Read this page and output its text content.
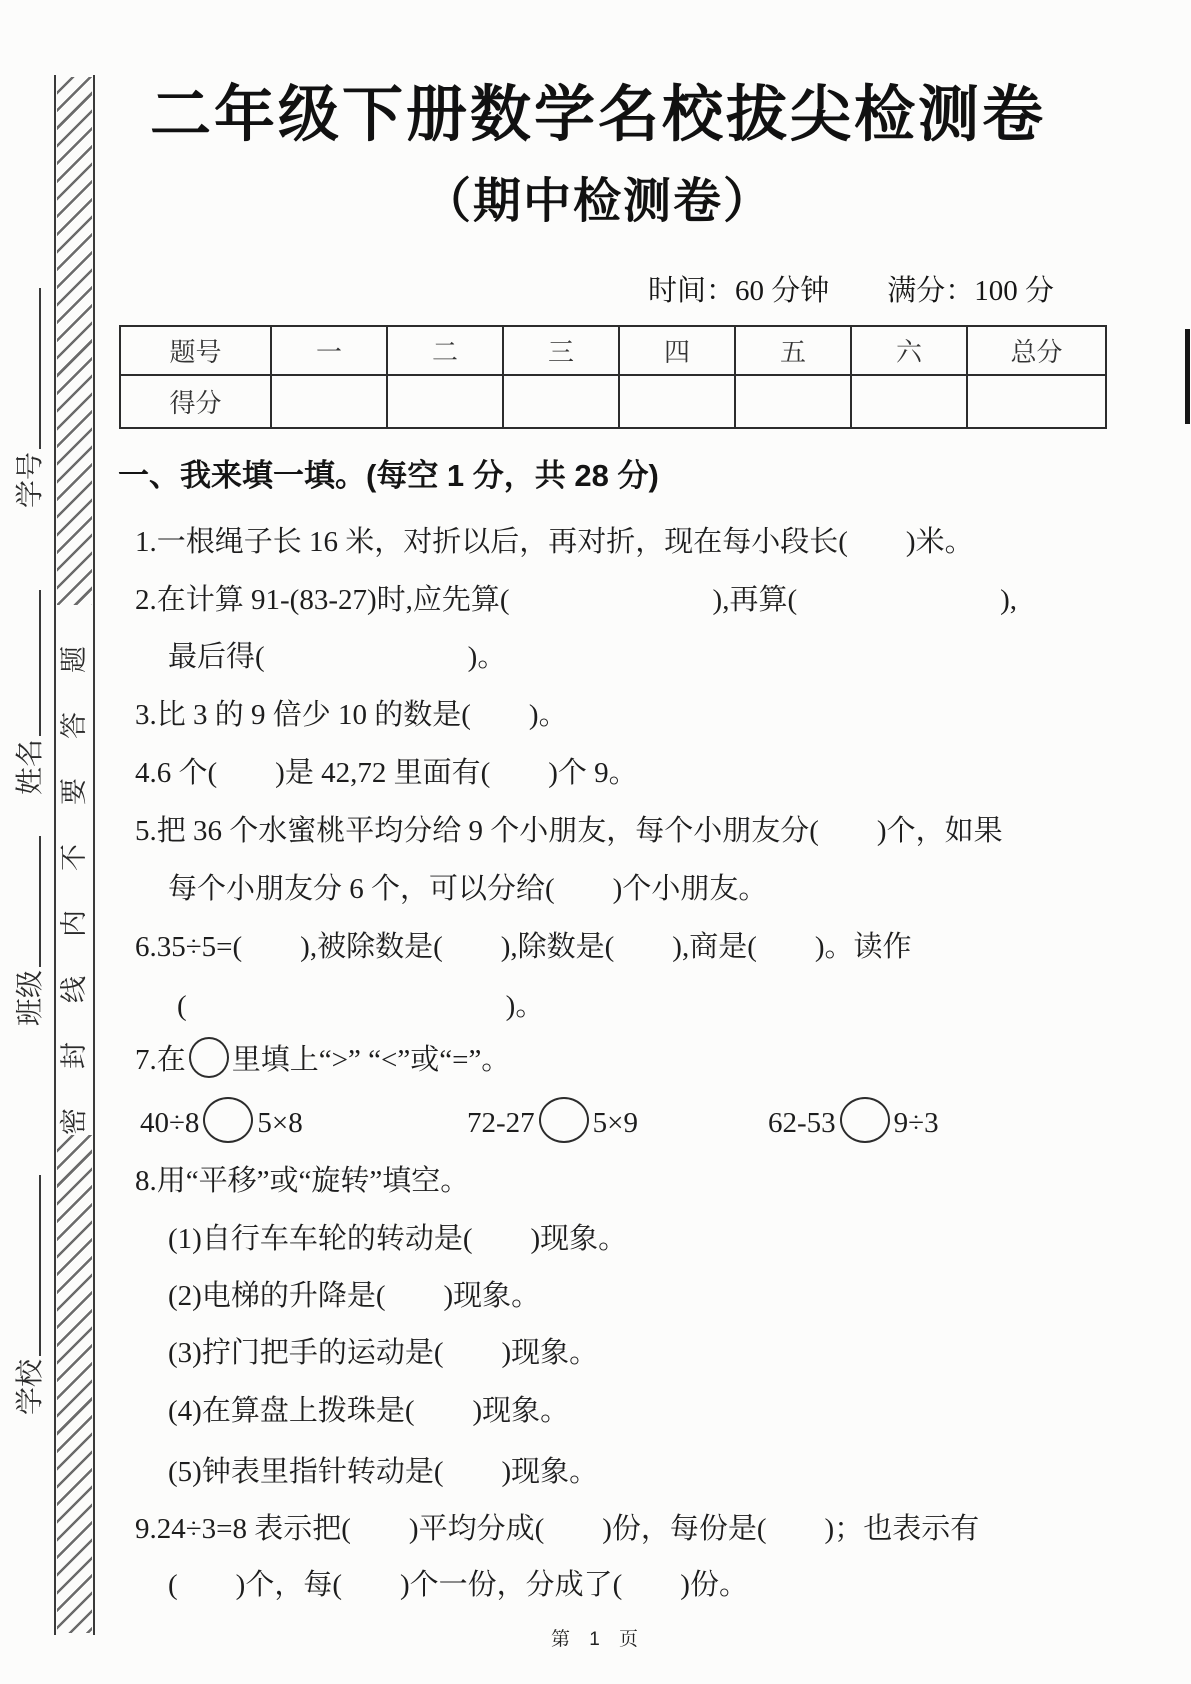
密封线内不要答题
学号
姓名
班级
学校
二年级下册数学名校拔尖检测卷
（期中检测卷）
时间：60 分钟　　满分：100 分
题号	一	二	三	四	五	六	总分
得分							
一、我来填一填。(每空 1 分，共 28 分)
1.一根绳子长 16 米，对折以后，再对折，现在每小段长(　　)米。
2.在计算 91-(83-27)时,应先算(　　　　　　　),再算(　　　　　　　),
最后得(　　　　　　　)。
3.比 3 的 9 倍少 10 的数是(　　)。
4.6 个(　　)是 42,72 里面有(　　)个 9。
5.把 36 个水蜜桃平均分给 9 个小朋友，每个小朋友分(　　)个，如果
每个小朋友分 6 个，可以分给(　　)个小朋友。
6.35÷5=(　　),被除数是(　　),除数是(　　),商是(　　)。读作
(　　　　　　　　　　　)。
7.在 里填上“>” “<”或“=”。
40÷8 5×8	72-27 5×9	62-53 9÷3
8.用“平移”或“旋转”填空。
(1)自行车车轮的转动是(　　)现象。
(2)电梯的升降是(　　)现象。
(3)拧门把手的运动是(　　)现象。
(4)在算盘上拨珠是(　　)现象。
(5)钟表里指针转动是(　　)现象。
9.24÷3=8 表示把(　　)平均分成(　　)份，每份是(　　)；也表示有
(　　)个，每(　　)个一份，分成了(　　)份。
第 1 页
